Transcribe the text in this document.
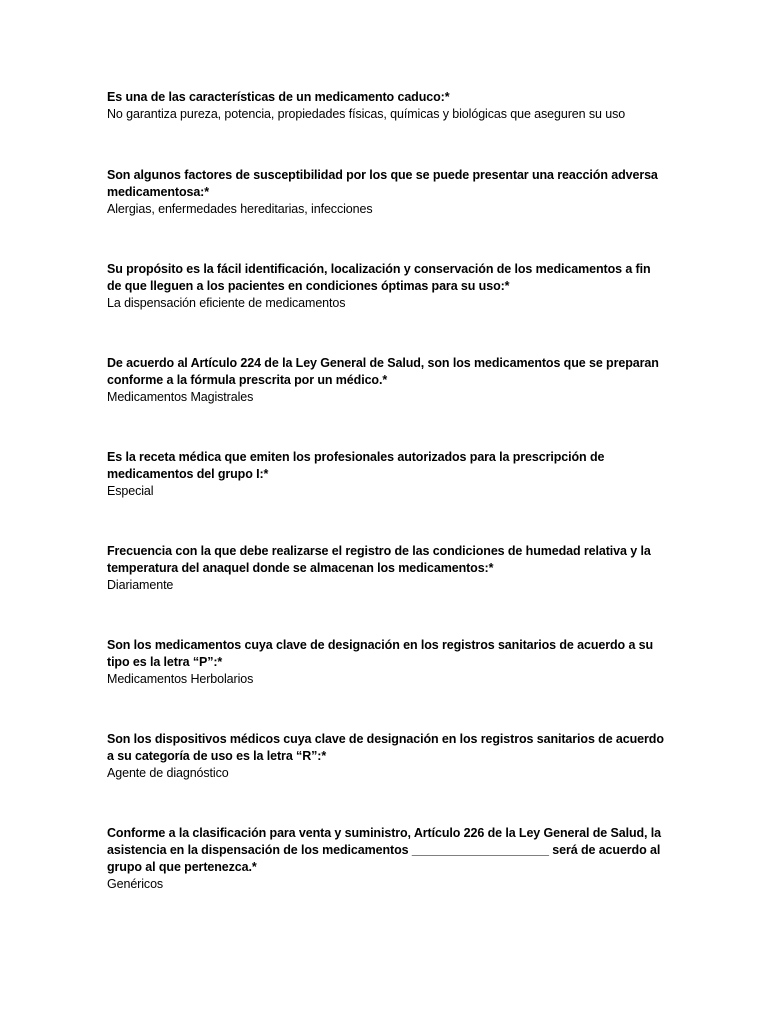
Es una de las características de un medicamento caduco:*

No garantiza pureza, potencia, propiedades físicas, químicas y biológicas que aseguren su uso

Son algunos factores de susceptibilidad por los que se puede presentar una reacción adversa medicamentosa:*

Alergias, enfermedades hereditarias, infecciones

Su propósito es la fácil identificación, localización y conservación de los medicamentos a fin de que lleguen a los pacientes en condiciones óptimas para su uso:*

La dispensación eficiente de medicamentos

De acuerdo al Artículo 224 de la Ley General de Salud, son los medicamentos que se preparan conforme a la fórmula prescrita por un médico.*

Medicamentos Magistrales

Es la receta médica que emiten los profesionales autorizados para la prescripción de medicamentos del grupo I:*

Especial

Frecuencia con la que debe realizarse el registro de las condiciones de humedad relativa y la temperatura del anaquel donde se almacenan los medicamentos:*

Diariamente

Son los medicamentos cuya clave de designación en los registros sanitarios de acuerdo a su tipo es la letra “P”:*

Medicamentos Herbolarios

Son los dispositivos médicos cuya clave de designación en los registros sanitarios de acuerdo a su categoría de uso es la letra “R”:*

Agente de diagnóstico

Conforme a la clasificación para venta y suministro, Artículo 226 de la Ley General de Salud, la asistencia en la dispensación de los medicamentos ____________________ será de acuerdo al grupo al que pertenezca.*

Genéricos
